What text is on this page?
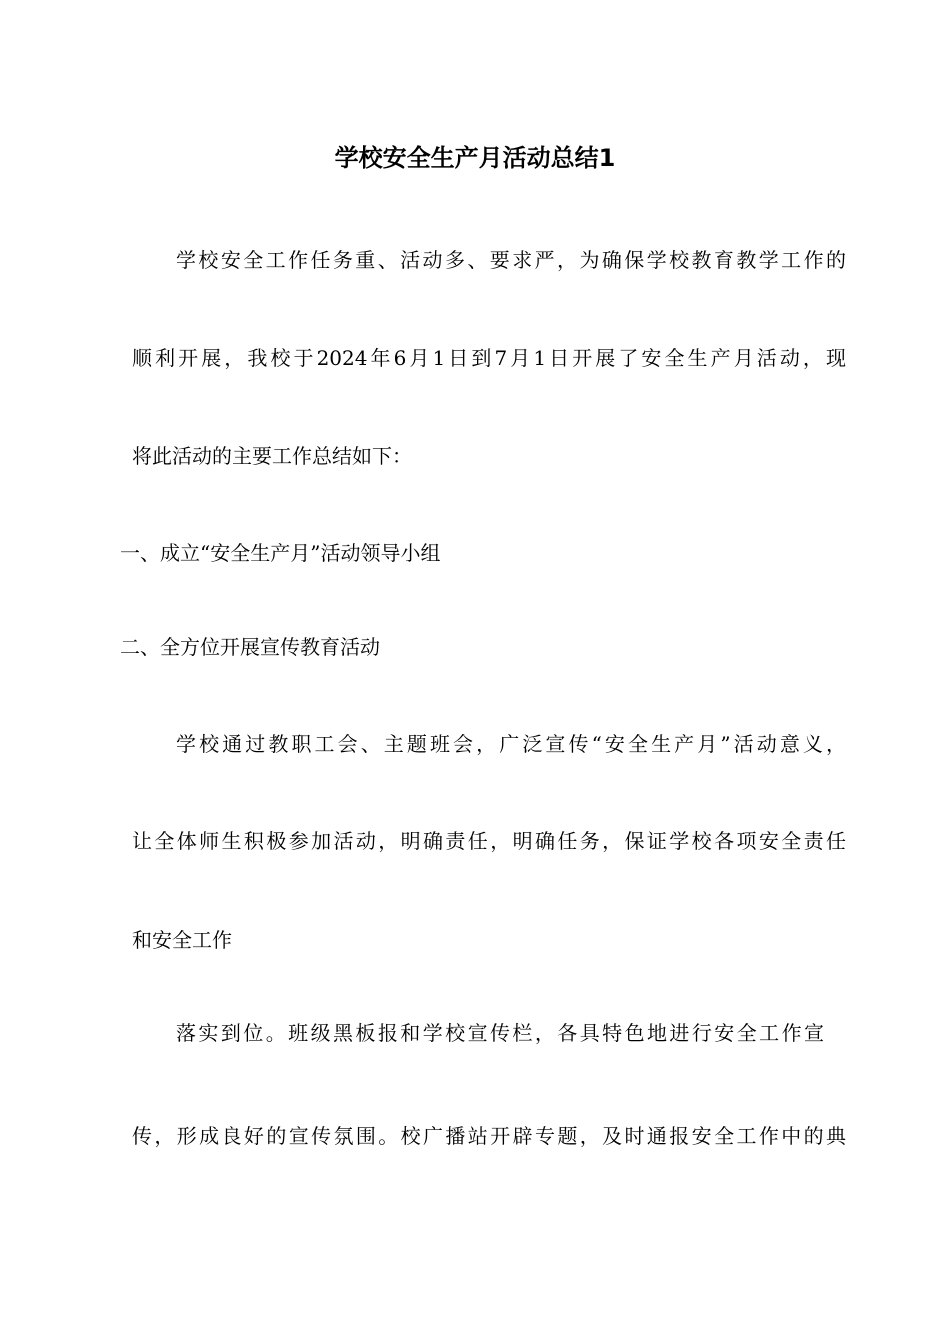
学校安全生产月活动总结1
学校安全工作任务重、活动多、要求严，为确保学校教育教学工作的
顺利开展，我校于2024年6月1日到7月1日开展了安全生产月活动，现
将此活动的主要工作总结如下：
一、成立“安全生产月”活动领导小组
二、全方位开展宣传教育活动
学校通过教职工会、主题班会，广泛宣传“安全生产月”活动意义，
让全体师生积极参加活动，明确责任，明确任务，保证学校各项安全责任
和安全工作
落实到位。班级黑板报和学校宣传栏，各具特色地进行安全工作宣
传，形成良好的宣传氛围。校广播站开辟专题，及时通报安全工作中的典
